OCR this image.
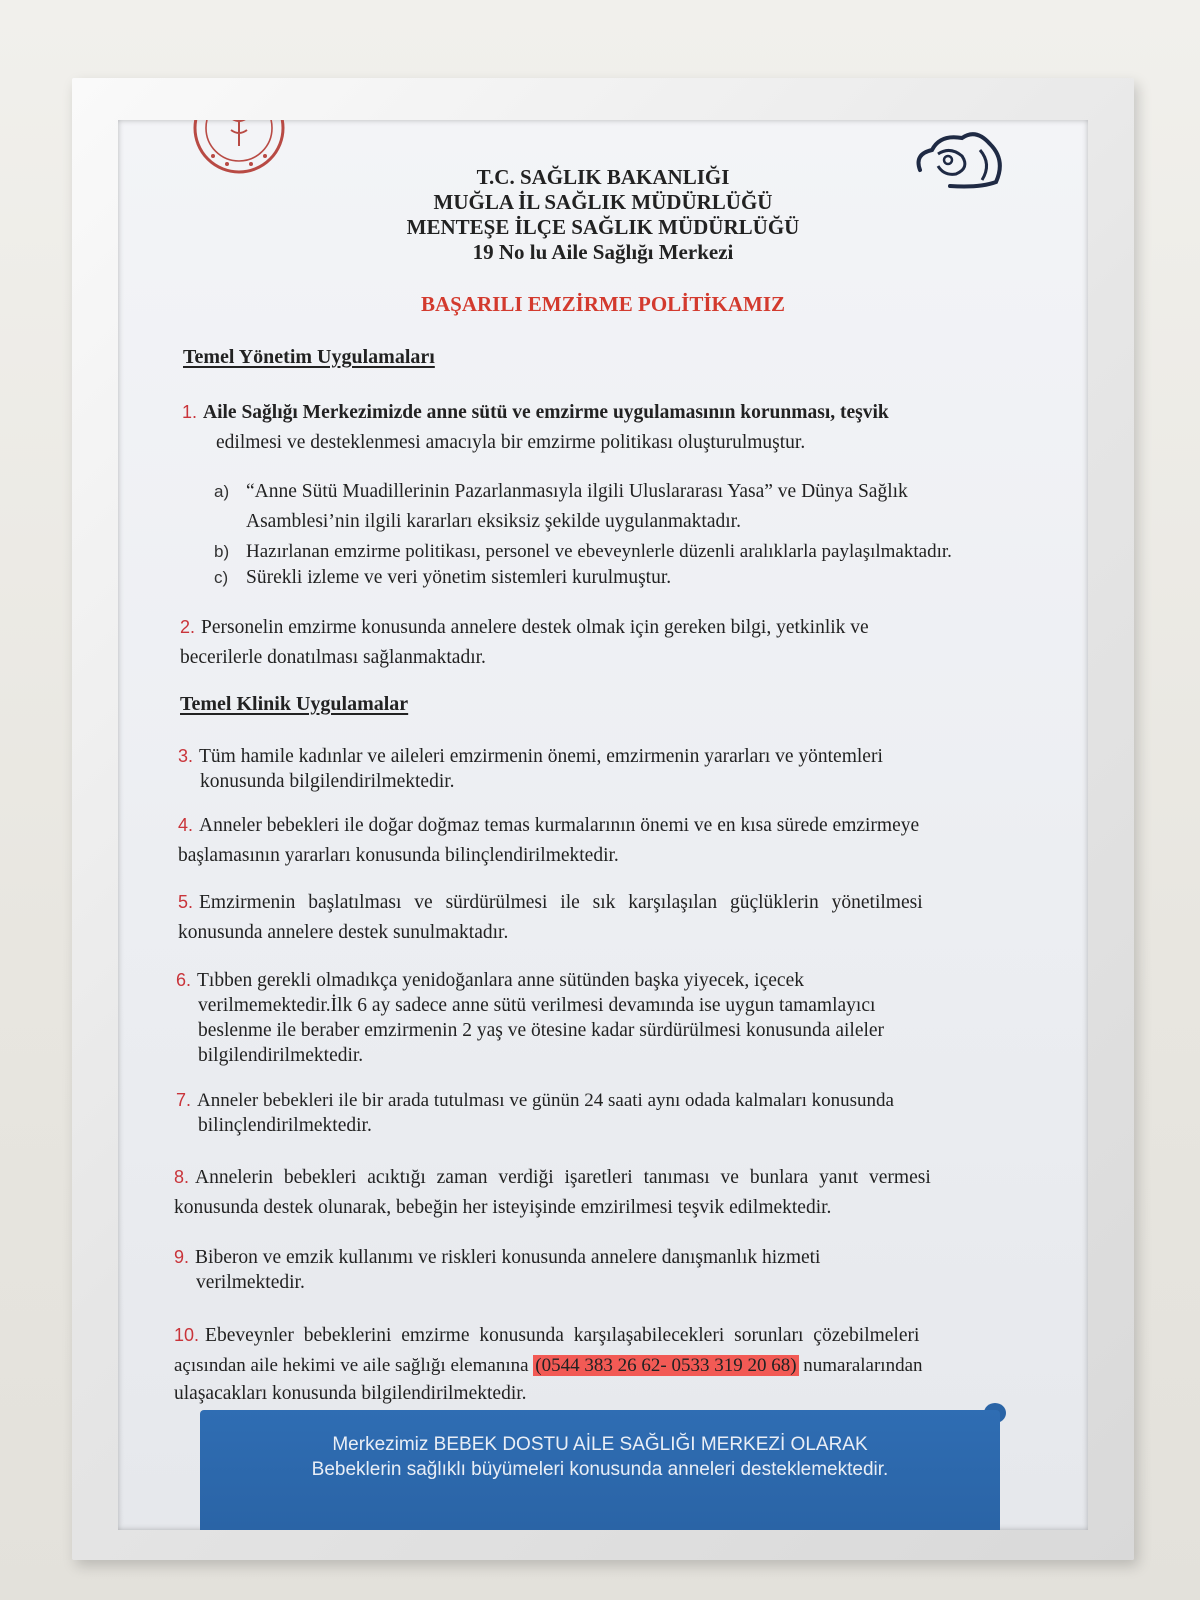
T.C. SAĞLIK BAKANLIĞI
MUĞLA İL SAĞLIK MÜDÜRLÜĞÜ
MENTEŞE İLÇE SAĞLIK MÜDÜRLÜĞÜ
19 No lu Aile Sağlığı Merkezi
BAŞARILI EMZİRME POLİTİKAMIZ
Temel Yönetim Uygulamaları
1. Aile Sağlığı Merkezimizde anne sütü ve emzirme uygulamasının korunması, teşvik
edilmesi ve desteklenmesi amacıyla bir emzirme politikası oluşturulmuştur.
a) “Anne Sütü Muadillerinin Pazarlanmasıyla ilgili Uluslararası Yasa” ve Dünya Sağlık
Asamblesi’nin ilgili kararları eksiksiz şekilde uygulanmaktadır.
b) Hazırlanan emzirme politikası, personel ve ebeveynlerle düzenli aralıklarla paylaşılmaktadır.
c) Sürekli izleme ve veri yönetim sistemleri kurulmuştur.
2. Personelin emzirme konusunda annelere destek olmak için gereken bilgi, yetkinlik ve
becerilerle donatılması sağlanmaktadır.
Temel Klinik Uygulamalar
3. Tüm hamile kadınlar ve aileleri emzirmenin önemi, emzirmenin yararları ve yöntemleri
konusunda bilgilendirilmektedir.
4. Anneler bebekleri ile doğar doğmaz temas kurmalarının önemi ve en kısa sürede emzirmeye
başlamasının yararları konusunda bilinçlendirilmektedir.
5. Emzirmenin başlatılması ve sürdürülmesi ile sık karşılaşılan güçlüklerin yönetilmesi
konusunda annelere destek sunulmaktadır.
6. Tıbben gerekli olmadıkça yenidoğanlara anne sütünden başka yiyecek, içecek
verilmemektedir.İlk 6 ay sadece anne sütü verilmesi devamında ise uygun tamamlayıcı
beslenme ile beraber emzirmenin 2 yaş ve ötesine kadar sürdürülmesi konusunda aileler
bilgilendirilmektedir.
7. Anneler bebekleri ile bir arada tutulması ve günün 24 saati aynı odada kalmaları konusunda
bilinçlendirilmektedir.
8. Annelerin bebekleri acıktığı zaman verdiği işaretleri tanıması ve bunlara yanıt vermesi
konusunda destek olunarak, bebeğin her isteyişinde emzirilmesi teşvik edilmektedir.
9. Biberon ve emzik kullanımı ve riskleri konusunda annelere danışmanlık hizmeti
verilmektedir.
10. Ebeveynler bebeklerini emzirme konusunda karşılaşabilecekleri sorunları çözebilmeleri
açısından aile hekimi ve aile sağlığı elemanına (0544 383 26 62- 0533 319 20 68) numaralarından
ulaşacakları konusunda bilgilendirilmektedir.
Merkezimiz BEBEK DOSTU AİLE SAĞLIĞI MERKEZİ OLARAK
Bebeklerin sağlıklı büyümeleri konusunda anneleri desteklemektedir.
